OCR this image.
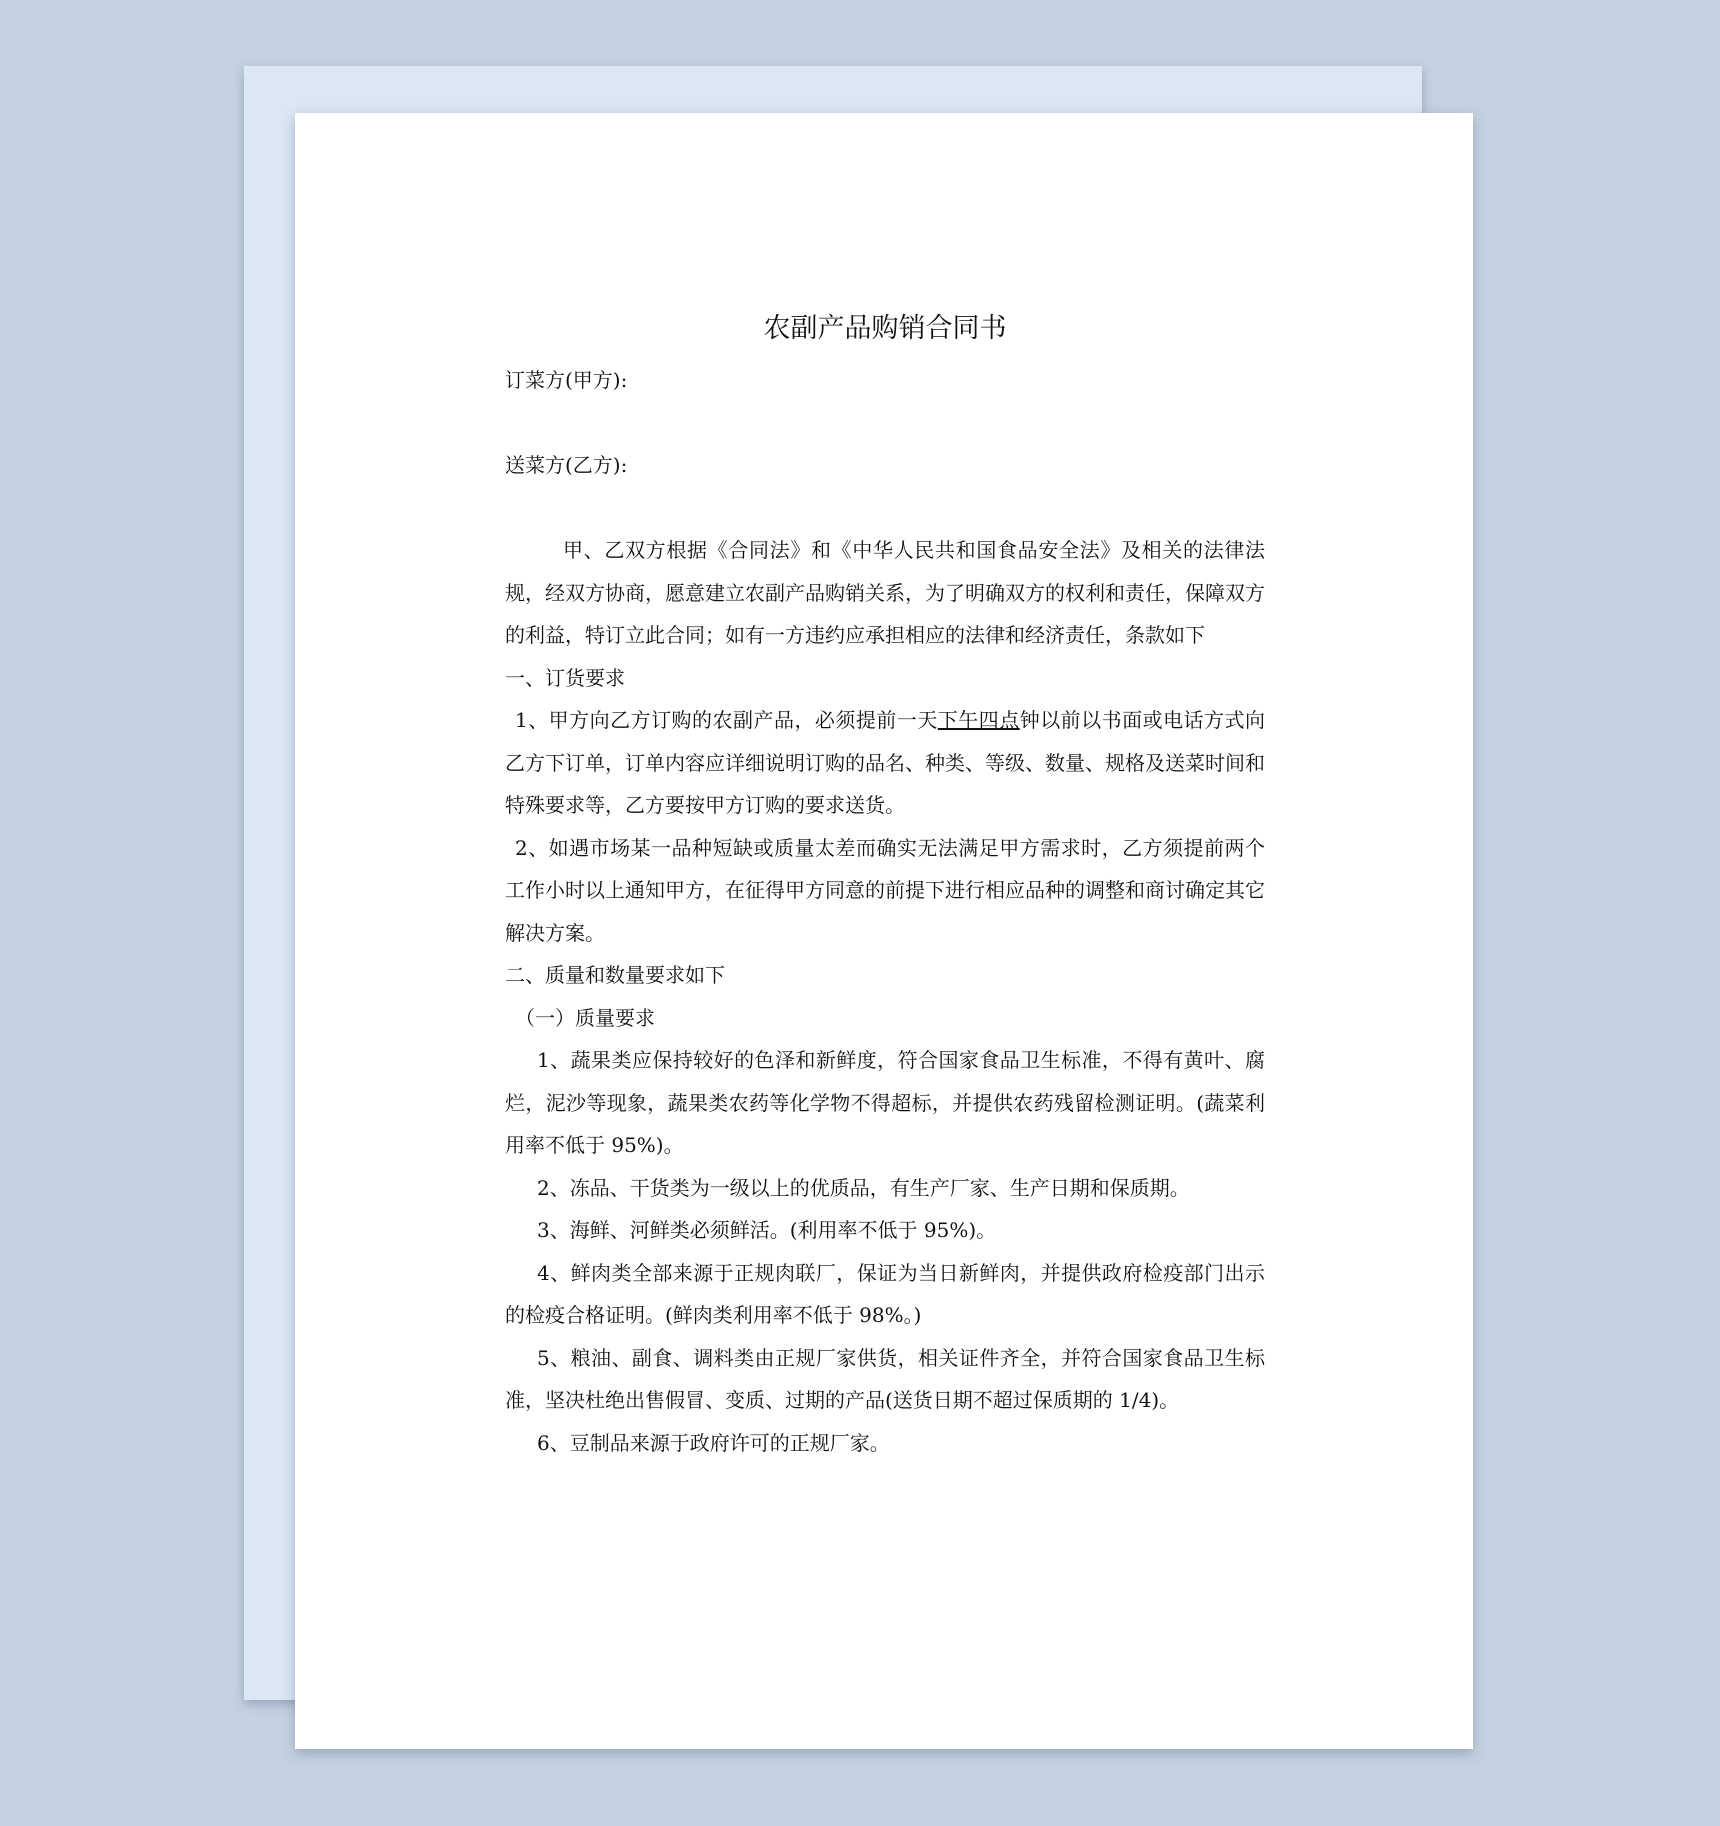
农副产品购销合同书

订菜方(甲方):

送菜方(乙方):

甲、乙双方根据《合同法》和《中华人民共和国食品安全法》及相关的法律法规，经双方协商，愿意建立农副产品购销关系，为了明确双方的权利和责任，保障双方的利益，特订立此合同；如有一方违约应承担相应的法律和经济责任，条款如下

一、订货要求

1、甲方向乙方订购的农副产品，必须提前一天下午四点钟以前以书面或电话方式向乙方下订单，订单内容应详细说明订购的品名、种类、等级、数量、规格及送菜时间和特殊要求等，乙方要按甲方订购的要求送货。

2、如遇市场某一品种短缺或质量太差而确实无法满足甲方需求时，乙方须提前两个工作小时以上通知甲方，在征得甲方同意的前提下进行相应品种的调整和商讨确定其它解决方案。

二、质量和数量要求如下

（一）质量要求

1、蔬果类应保持较好的色泽和新鲜度，符合国家食品卫生标准，不得有黄叶、腐烂，泥沙等现象，蔬果类农药等化学物不得超标，并提供农药残留检测证明。(蔬菜利用率不低于 95%)。

2、冻品、干货类为一级以上的优质品，有生产厂家、生产日期和保质期。

3、海鲜、河鲜类必须鲜活。(利用率不低于 95%)。

4、鲜肉类全部来源于正规肉联厂，保证为当日新鲜肉，并提供政府检疫部门出示的检疫合格证明。(鲜肉类利用率不低于 98%。)

5、粮油、副食、调料类由正规厂家供货，相关证件齐全，并符合国家食品卫生标准，坚决杜绝出售假冒、变质、过期的产品(送货日期不超过保质期的 1/4)。

6、豆制品来源于政府许可的正规厂家。
